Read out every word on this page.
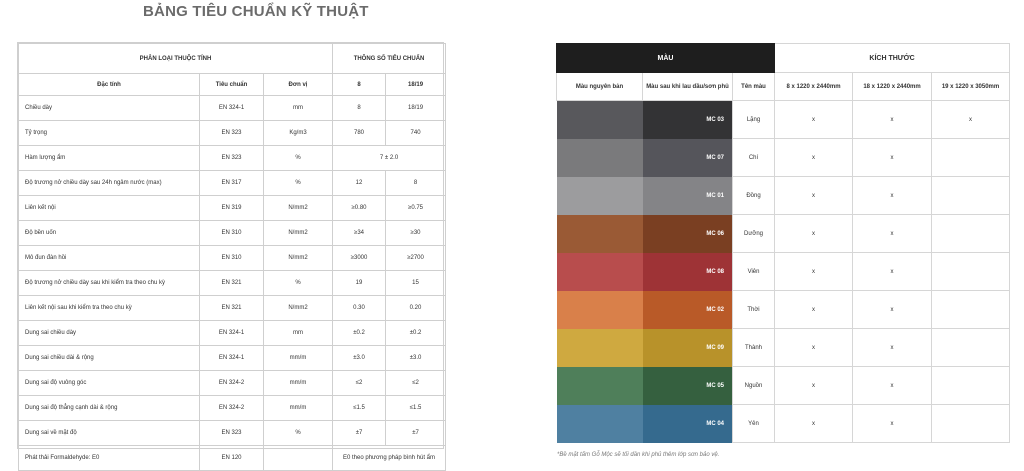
BẢNG TIÊU CHUẨN KỸ THUẬT
PHÂN LOẠI THUỘC TÍNH			THÔNG SỐ TIÊU CHUẨN	
Đặc tính	Tiêu chuẩn	Đơn vị	8	18/19
Chiều dày	EN 324-1	mm	8	18/19
Tỷ trọng	EN 323	Kg/m3	780	740
Hàm lượng ẩm	EN 323	%	7 ± 2.0	
Độ trương nở chiều dày sau 24h ngâm nước (max)	EN 317	%	12	8
Liên kết nội	EN 319	N/mm2	≥0.80	≥0.75
Độ bền uốn	EN 310	N/mm2	≥34	≥30
Mô đun đàn hồi	EN 310	N/mm2	≥3000	≥2700
Độ trương nở chiều dày sau khi kiểm tra theo chu kỳ	EN 321	%	19	15
Liên kết nội sau khi kiểm tra theo chu kỳ	EN 321	N/mm2	0.30	0.20
Dung sai chiều dày	EN 324-1	mm	±0.2	±0.2
Dung sai chiều dài & rộng	EN 324-1	mm/m	±3.0	±3.0
Dung sai độ vuông góc	EN 324-2	mm/m	≤2	≤2
Dung sai độ thẳng cạnh dài & rộng	EN 324-2	mm/m	≤1.5	≤1.5
Dung sai về mặt độ	EN 323	%	±7	±7
Phát thải Formaldehyde: E0	EN 120		E0 theo phương pháp bình hút ẩm	
MÀU			KÍCH THƯỚC		
Màu nguyên bản	Màu sau khi lau dầu/sơn phủ	Tên màu	8 x 1220 x 2440mm	18 x 1220 x 2440mm	19 x 1220 x 3050mm
	MC 03	Lặng	x	x	x
	MC 07	Chí	x	x	
	MC 01	Đồng	x	x	
	MC 06	Dưỡng	x	x	
	MC 08	Viên	x	x	
	MC 02	Thời	x	x	
	MC 09	Thành	x	x	
	MC 05	Nguồn	x	x	
	MC 04	Yên	x	x	
*Bề mặt tấm Gỗ Mộc sẽ tối dần khi phủ thêm lớp sơn bảo vệ.
